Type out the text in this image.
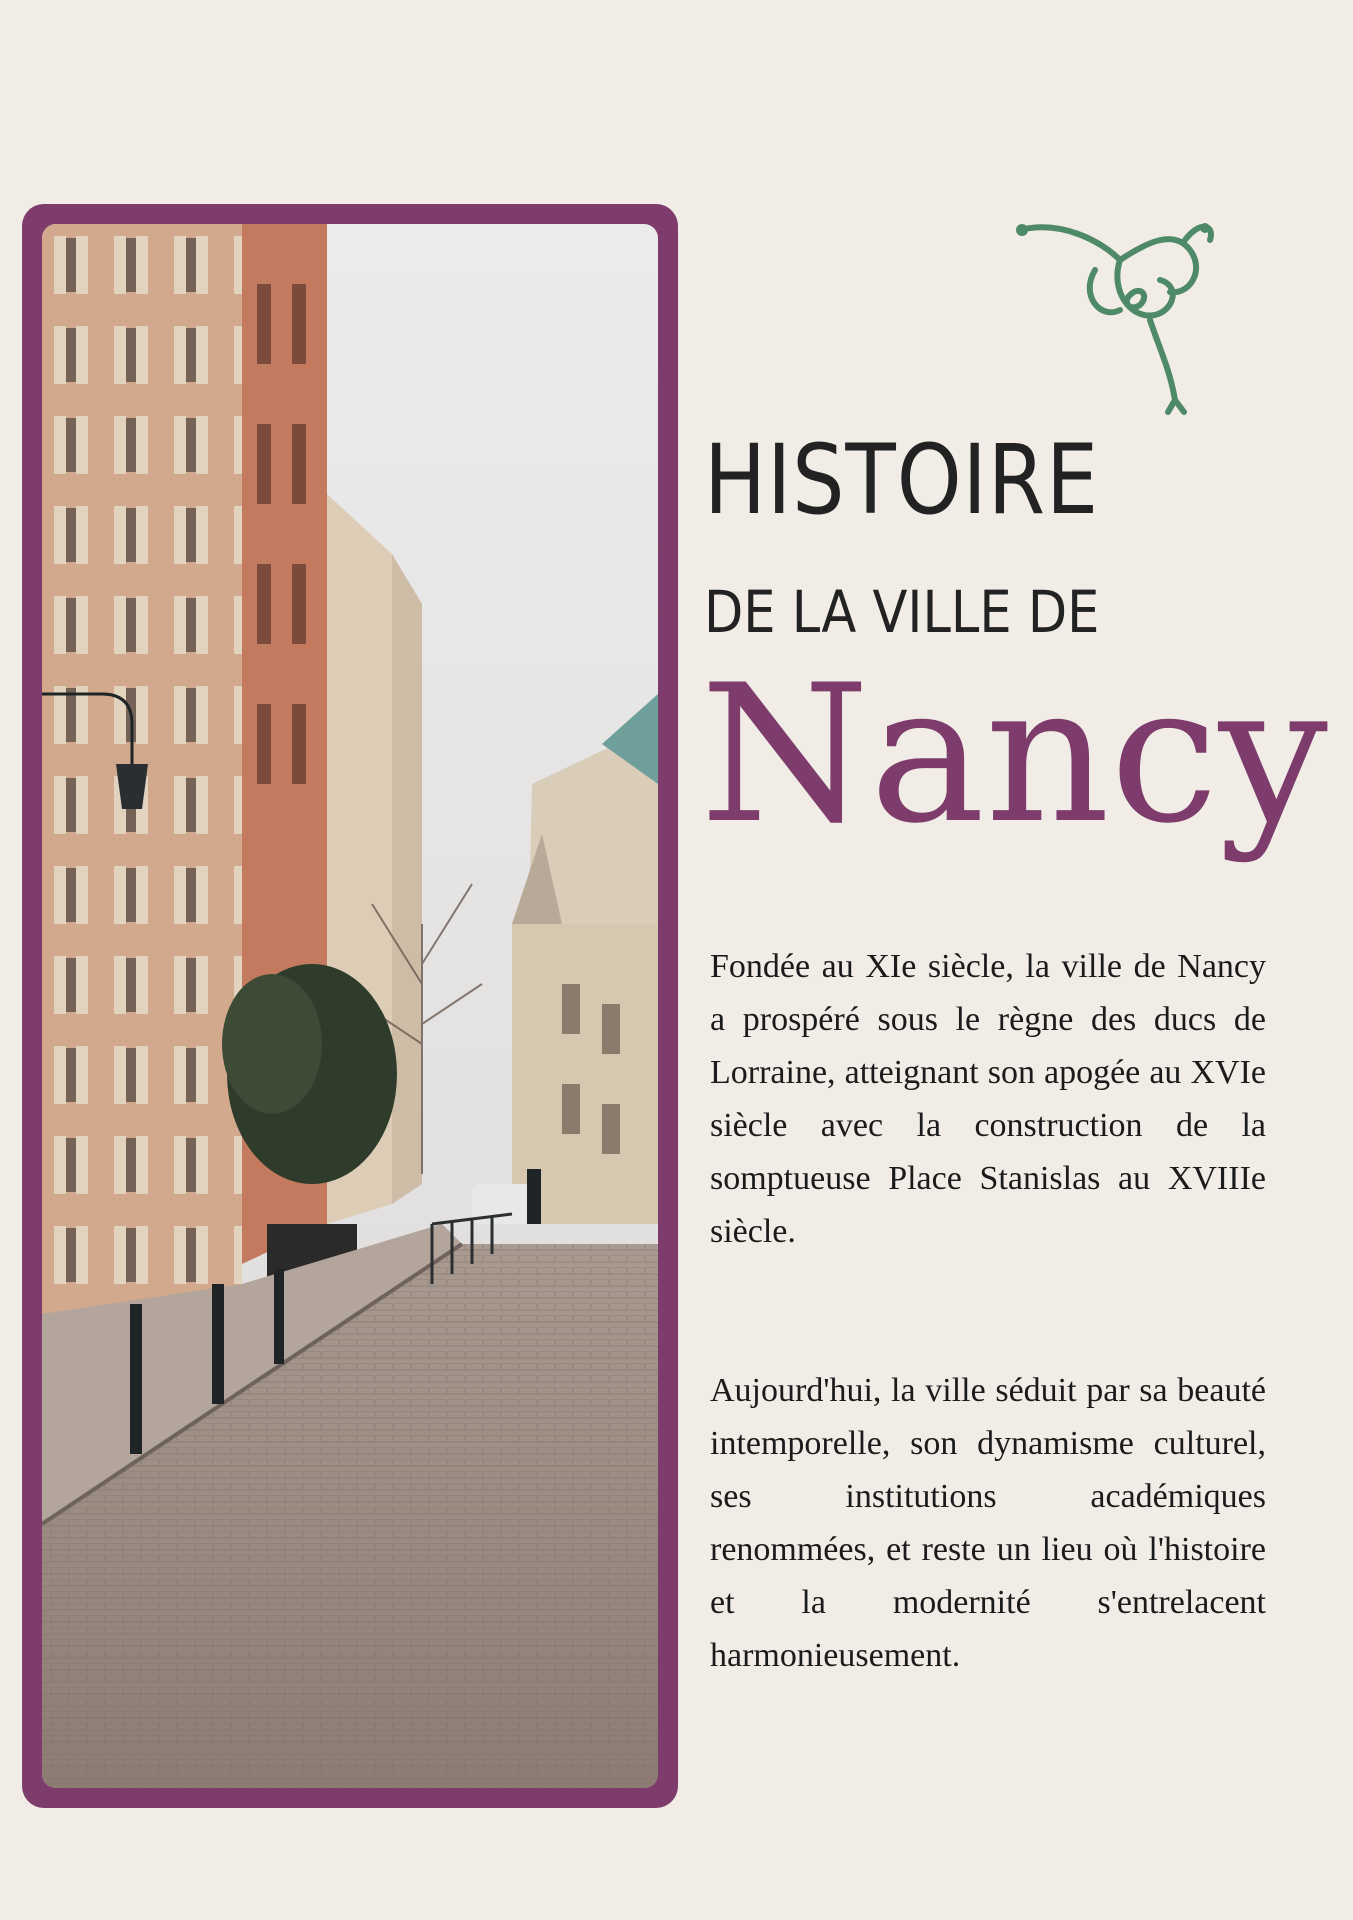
HISTOIRE
DE LA VILLE DE
Nancy

Fondée au XIe siècle, la ville de Nancy a prospéré sous le règne des ducs de Lorraine, atteignant son apogée au XVIe siècle avec la construction de la somptueuse Place Stanislas au XVIIIe siècle.

Aujourd'hui, la ville séduit par sa beauté intemporelle, son dynamisme culturel, ses institutions académiques renommées, et reste un lieu où l'histoire et la modernité s'entrelacent harmonieusement.
